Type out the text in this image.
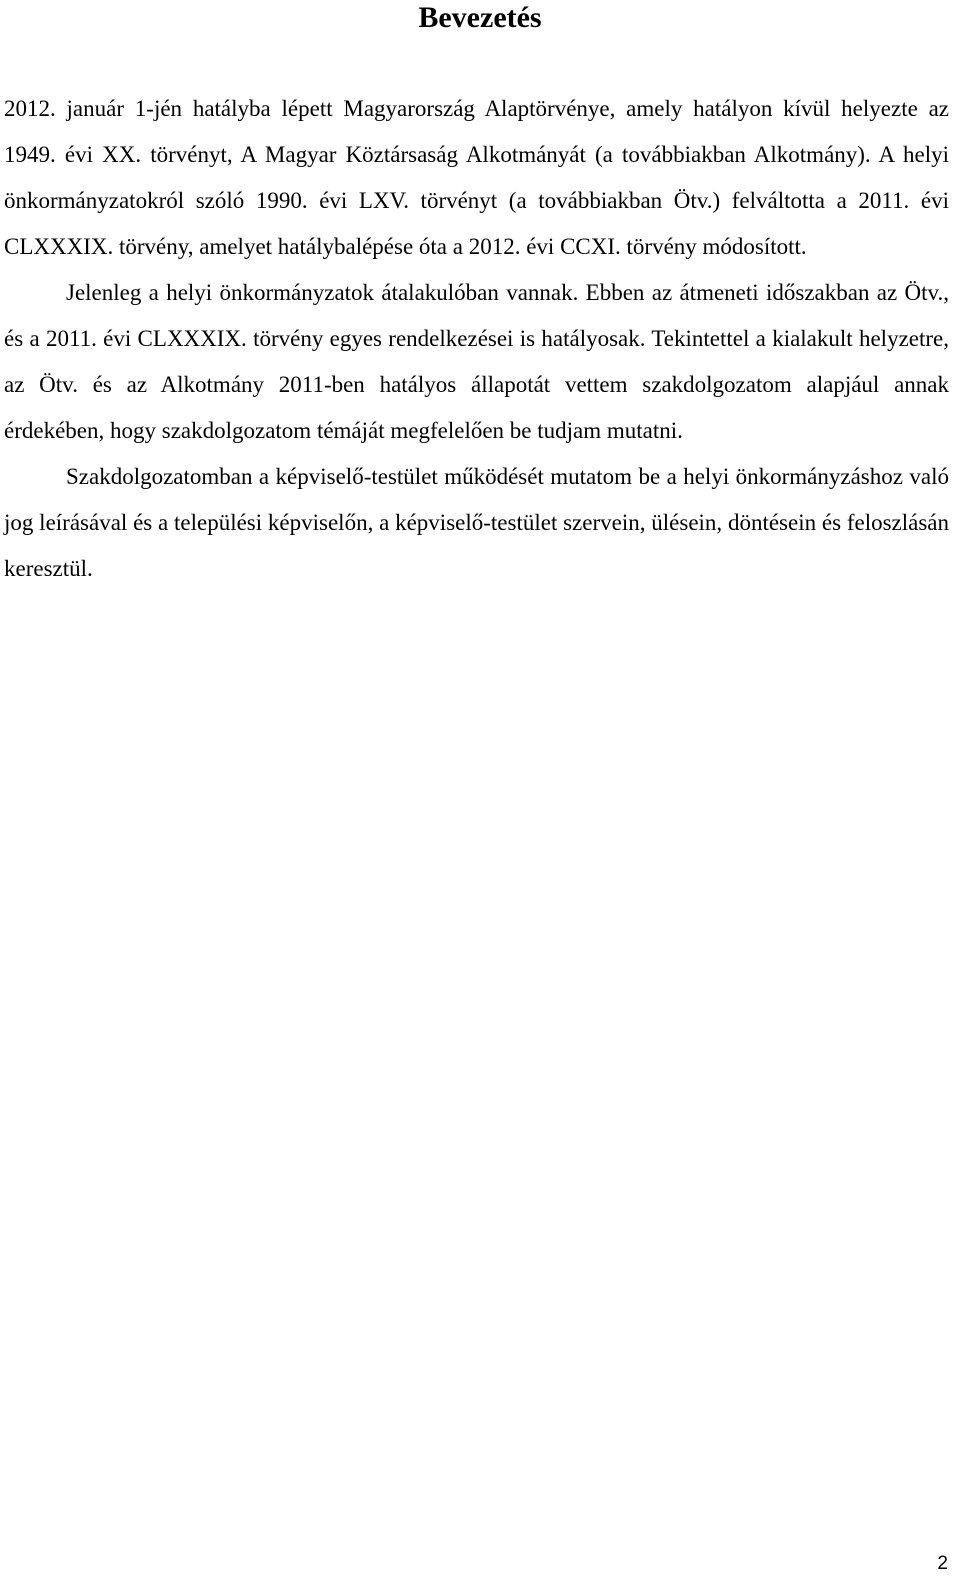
Bevezetés

2012. január 1-jén hatályba lépett Magyarország Alaptörvénye, amely hatályon kívül helyezte az 1949. évi XX. törvényt, A Magyar Köztársaság Alkotmányát (a továbbiakban Alkotmány). A helyi önkormányzatokról szóló 1990. évi LXV. törvényt (a továbbiakban Ötv.) felváltotta a 2011. évi CLXXXIX. törvény, amelyet hatálybalépése óta a 2012. évi CCXI. törvény módosított.

Jelenleg a helyi önkormányzatok átalakulóban vannak. Ebben az átmeneti időszakban az Ötv., és a 2011. évi CLXXXIX. törvény egyes rendelkezései is hatályosak. Tekintettel a kialakult helyzetre, az Ötv. és az Alkotmány 2011-ben hatályos állapotát vettem szakdolgozatom alapjául annak érdekében, hogy szakdolgozatom témáját megfelelően be tudjam mutatni.

Szakdolgozatomban a képviselő-testület működését mutatom be a helyi önkormányzáshoz való jog leírásával és a települési képviselőn, a képviselő-testület szervein, ülésein, döntésein és feloszlásán keresztül.

2
